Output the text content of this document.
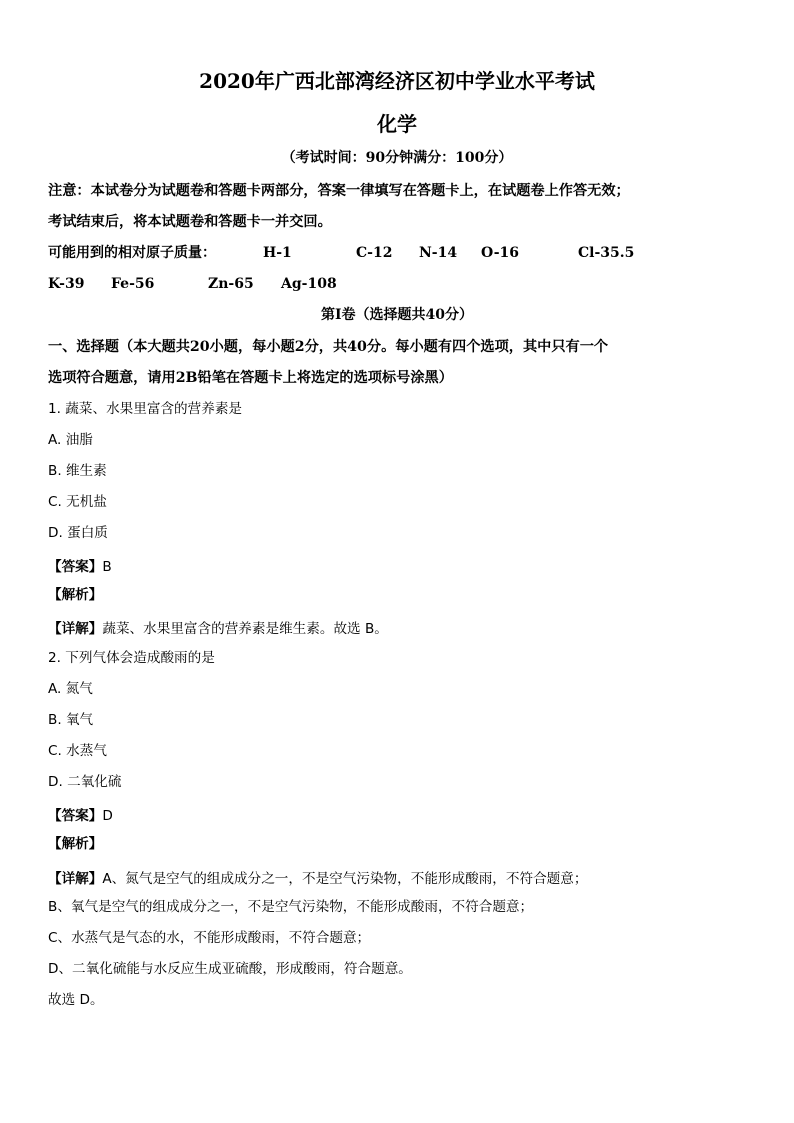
2020年广西北部湾经济区初中学业水平考试
化学
（考试时间：90分钟满分：100分）
注意：本试卷分为试题卷和答题卡两部分，答案一律填写在答题卡上，在试题卷上作答无效；
考试结束后，将本试题卷和答题卡一并交回。
可能用到的相对原子质量：	H-1	C-12 N-14 O-16	Cl-35.5
K-39 Fe-56	Zn-65 Ag-108
第Ⅰ卷（选择题共40分）
一、选择题（本大题共20小题，每小题2分，共40分。每小题有四个选项，其中只有一个
选项符合题意，请用2B铅笔在答题卡上将选定的选项标号涂黑）
1. 蔬菜、水果里富含的营养素是
A. 油脂
B. 维生素
C. 无机盐
D. 蛋白质
【答案】B
【解析】
【详解】蔬菜、水果里富含的营养素是维生素。故选 B。
2. 下列气体会造成酸雨的是
A. 氮气
B. 氧气
C. 水蒸气
D. 二氧化硫
【答案】D
【解析】
【详解】A、氮气是空气的组成成分之一，不是空气污染物，不能形成酸雨，不符合题意；
B、氧气是空气的组成成分之一，不是空气污染物，不能形成酸雨，不符合题意；
C、水蒸气是气态的水，不能形成酸雨，不符合题意；
D、二氧化硫能与水反应生成亚硫酸，形成酸雨，符合题意。
故选 D。
